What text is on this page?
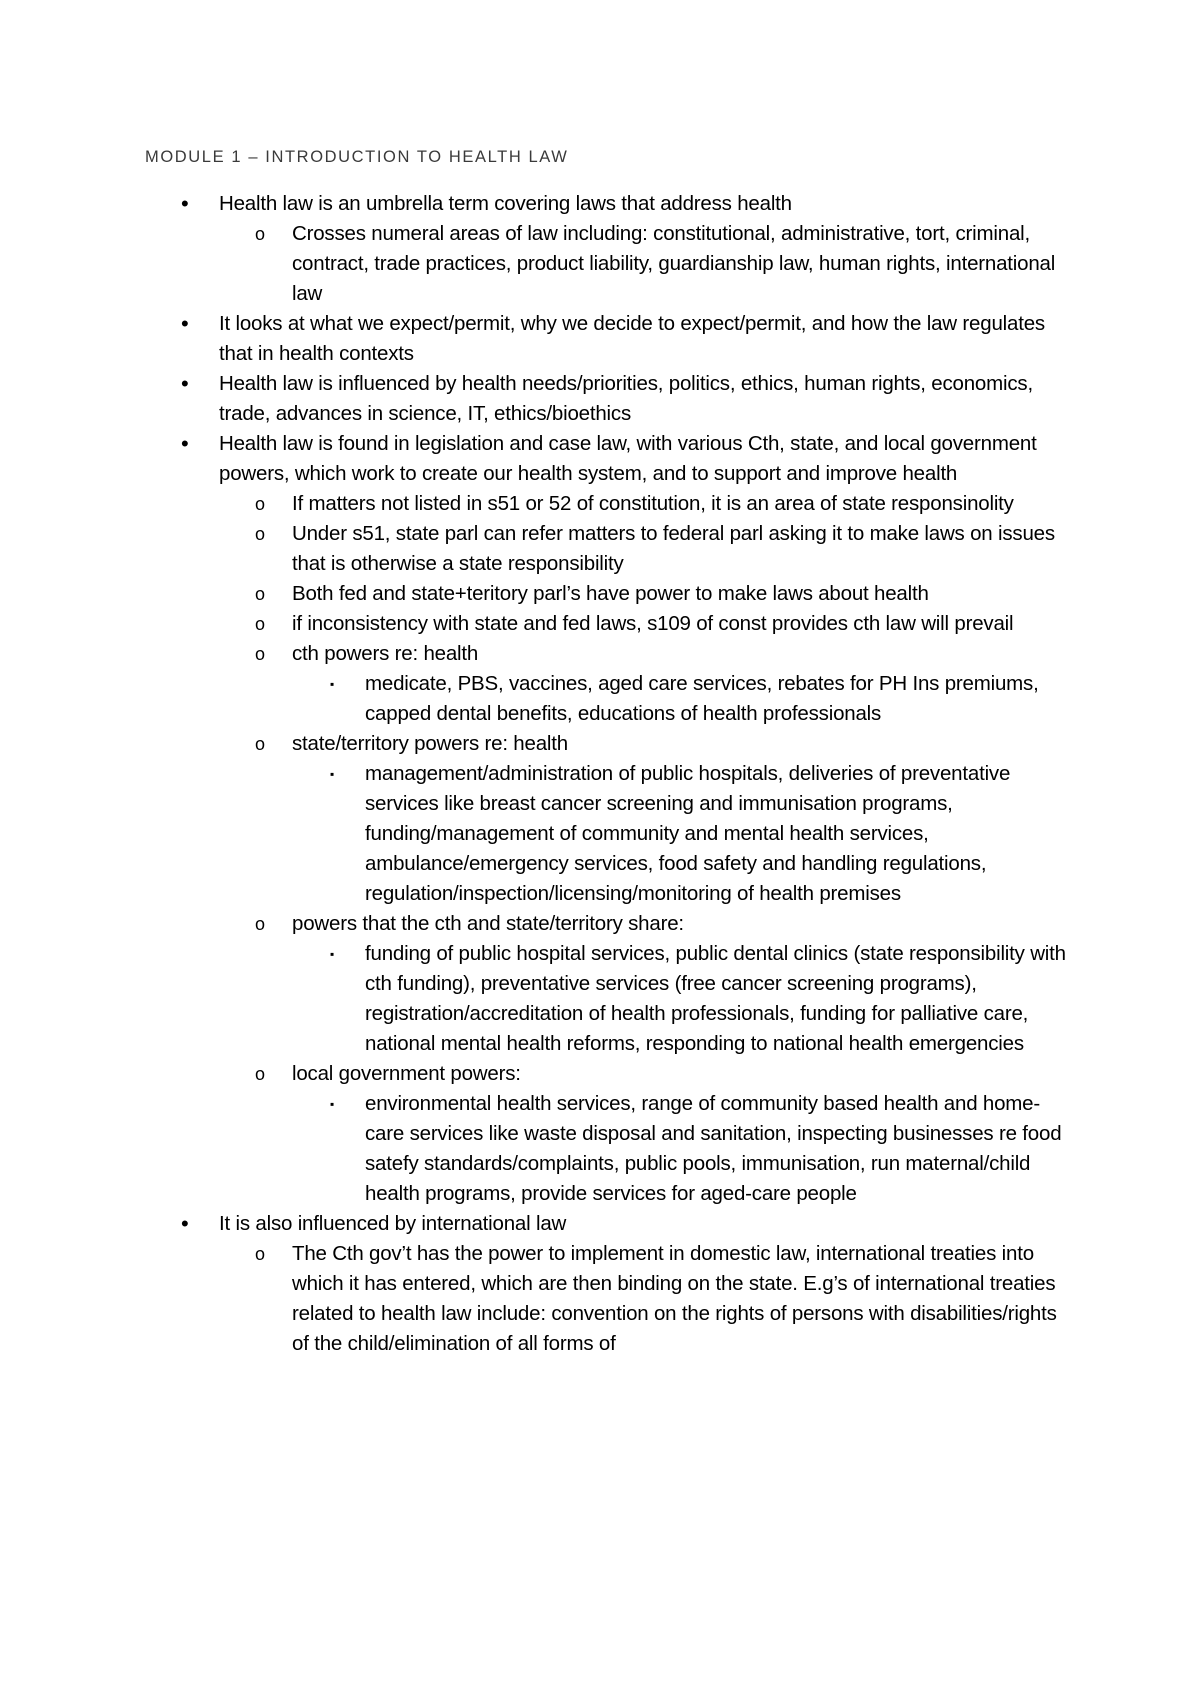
MODULE 1 – INTRODUCTION TO HEALTH LAW
• Health law is an umbrella term covering laws that address health
o Crosses numeral areas of law including: constitutional, administrative, tort, criminal, contract, trade practices, product liability, guardianship law, human rights, international law
• It looks at what we expect/permit, why we decide to expect/permit, and how the law regulates that in health contexts
• Health law is influenced by health needs/priorities, politics, ethics, human rights, economics, trade, advances in science, IT, ethics/bioethics
• Health law is found in legislation and case law, with various Cth, state, and local government powers, which work to create our health system, and to support and improve health
o If matters not listed in s51 or 52 of constitution, it is an area of state responsinolity
o Under s51, state parl can refer matters to federal parl asking it to make laws on issues that is otherwise a state responsibility
o Both fed and state+teritory parl’s have power to make laws about health
o if inconsistency with state and fed laws, s109 of const provides cth law will prevail
o cth powers re: health
▪ medicate, PBS, vaccines, aged care services, rebates for PH Ins premiums, capped dental benefits, educations of health professionals
o state/territory powers re: health
▪ management/administration of public hospitals, deliveries of preventative services like breast cancer screening and immunisation programs, funding/management of community and mental health services, ambulance/emergency services, food safety and handling regulations, regulation/inspection/licensing/monitoring of health premises
o powers that the cth and state/territory share:
▪ funding of public hospital services, public dental clinics (state responsibility with cth funding), preventative services (free cancer screening programs), registration/accreditation of health professionals, funding for palliative care, national mental health reforms, responding to national health emergencies
o local government powers:
▪ environmental health services, range of community based health and home-care services like waste disposal and sanitation, inspecting businesses re food satefy standards/complaints, public pools, immunisation, run maternal/child health programs, provide services for aged-care people
• It is also influenced by international law
o The Cth gov’t has the power to implement in domestic law, international treaties into which it has entered, which are then binding on the state. E.g’s of international treaties related to health law include: convention on the rights of persons with disabilities/rights of the child/elimination of all forms of
